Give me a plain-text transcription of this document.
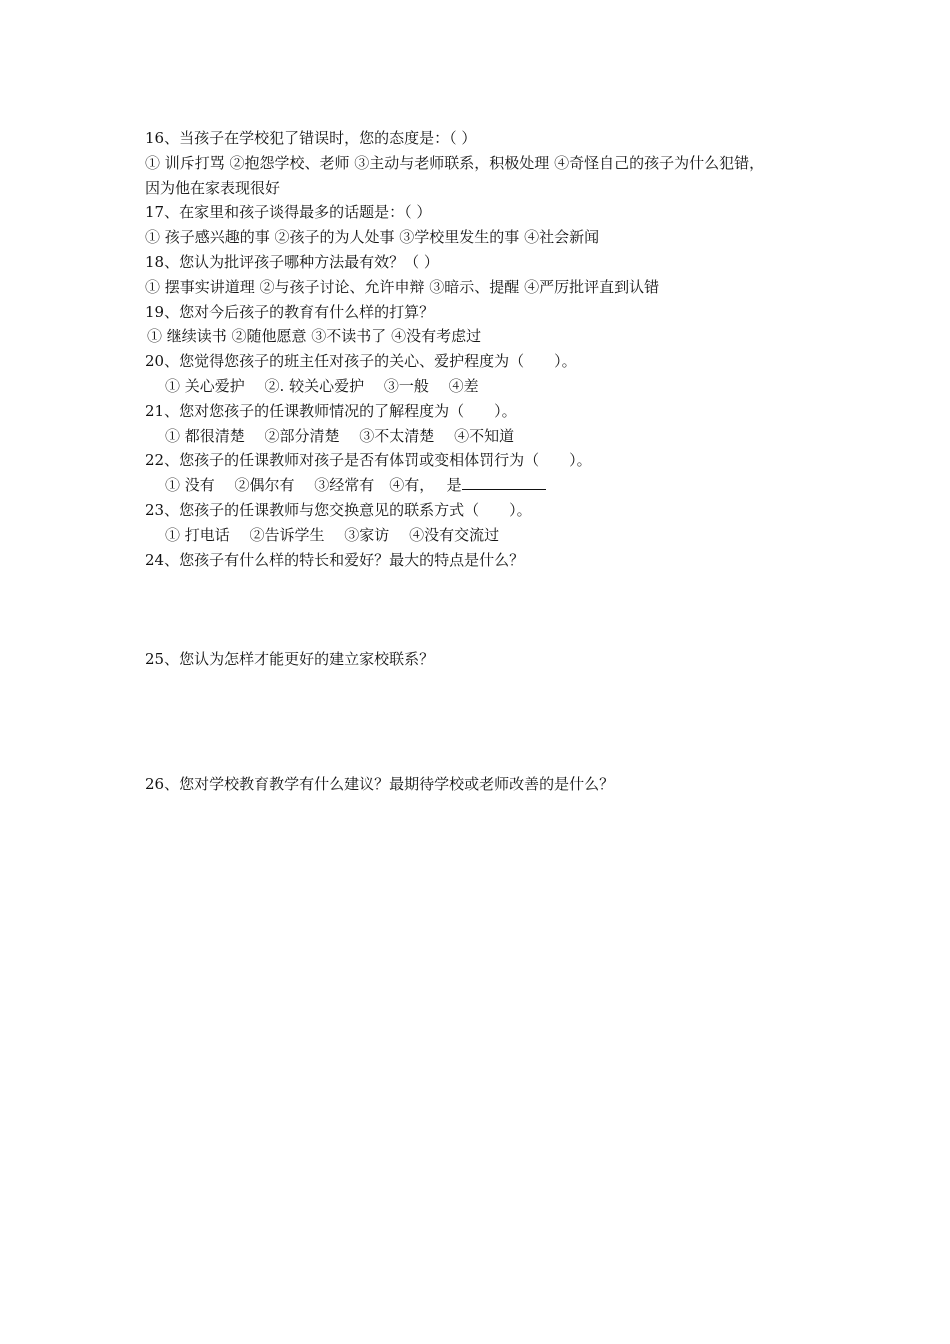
16、当孩子在学校犯了错误时，您的态度是：（ ）
① 训斥打骂 ②抱怨学校、老师 ③主动与老师联系，积极处理 ④奇怪自己的孩子为什么犯错，
因为他在家表现很好
17、在家里和孩子谈得最多的话题是：（ ）
① 孩子感兴趣的事 ②孩子的为人处事 ③学校里发生的事 ④社会新闻
18、您认为批评孩子哪种方法最有效？（ ）
① 摆事实讲道理 ②与孩子讨论、允许申辩 ③暗示、提醒 ④严厉批评直到认错
19、您对今后孩子的教育有什么样的打算？
① 继续读书 ②随他愿意 ③不读书了 ④没有考虑过
20、您觉得您孩子的班主任对孩子的关心、爱护程度为（　　）。
① 关心爱护　 ②. 较关心爱护　 ③一般　 ④差
21、您对您孩子的任课教师情况的了解程度为（　　）。
① 都很清楚　 ②部分清楚　 ③不太清楚　 ④不知道
22、您孩子的任课教师对孩子是否有体罚或变相体罚行为（　　）。
① 没有　 ②偶尔有　 ③经常有　④有，　 是
23、您孩子的任课教师与您交换意见的联系方式（　　）。
① 打电话　 ②告诉学生　 ③家访　 ④没有交流过
24、您孩子有什么样的特长和爱好？最大的特点是什么？
25、您认为怎样才能更好的建立家校联系？
26、您对学校教育教学有什么建议？最期待学校或老师改善的是什么？
